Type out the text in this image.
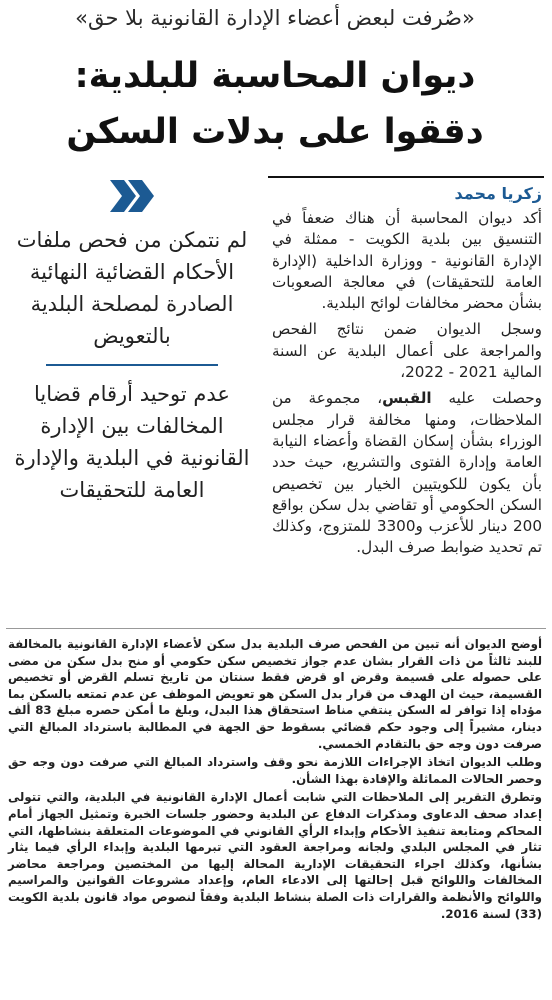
«صُرفت لبعض أعضاء الإدارة القانونية بلا حق»
ديوان المحاسبة للبلدية:
دققوا على بدلات السكن
زكريا محمد

أكد ديوان المحاسبة أن هناك ضعفاً في التنسيق بين بلدية الكويت - ممثلة في الإدارة القانونية - ووزارة الداخلية (الإدارة العامة للتحقيقات) في معالجة الصعوبات بشأن محضر مخالفات لوائح البلدية.

وسجل الديوان ضمن نتائج الفحص والمراجعة على أعمال البلدية عن السنة المالية 2021 - 2022،

وحصلت عليه القبس، مجموعة من الملاحظات، ومنها مخالفة قرار مجلس الوزراء بشأن إسكان القضاة وأعضاء النيابة العامة وإدارة الفتوى والتشريع، حيث حدد بأن يكون للكويتيين الخيار بين تخصيص السكن الحكومي أو تقاضي بدل سكن بواقع 200 دينار للأعزب و3300 للمتزوج، وكذلك تم تحديد ضوابط صرف البدل.

لم نتمكن من فحص ملفات الأحكام القضائية النهائية الصادرة لمصلحة البلدية بالتعويض

عدم توحيد أرقام قضايا المخالفات بين الإدارة القانونية في البلدية والإدارة العامة للتحقيقات

أوضح الديوان أنه تبين من الفحص صرف البلدية بدل سكن لأعضاء الإدارة القانونية بالمخالفة للبند ثالثاً من ذات القرار بشان عدم جواز تخصيص سكن حكومي أو منح بدل سكن من مضى على حصوله على قسيمة وقرض او قرض فقط سنتان من تاريخ تسلم القرض أو تخصيص القسيمة، حيث ان الهدف من قرار بدل السكن هو تعويض الموظف عن عدم تمتعه بالسكن بما مؤداه إذا توافر له السكن ينتفي مناط استحقاق هذا البدل، وبلغ ما أمكن حصره مبلغ 83 ألف دينار، مشيراً إلى وجود حكم قضائي بسقوط حق الجهة في المطالبة باسترداد المبالغ التي صرفت دون وجه حق بالتقادم الخمسي.

وطلب الديوان اتخاذ الإجراءات اللازمة نحو وقف واسترداد المبالغ التي صرفت دون وجه حق وحصر الحالات المماثلة والإفادة بهذا الشأن.

وتطرق التقرير إلى الملاحظات التي شابت أعمال الإدارة القانونية في البلدية، والتي تتولى إعداد صحف الدعاوى ومذكرات الدفاع عن البلدية وحضور جلسات الخبرة وتمثيل الجهاز أمام المحاكم ومتابعة تنفيذ الأحكام وإبداء الرأي القانوني في الموضوعات المتعلقة بنشاطها، التي تثار في المجلس البلدي ولجانه ومراجعة العقود التي تبرمها البلدية وإبداء الرأي فيما يثار بشأنها، وكذلك اجراء التحقيقات الإدارية المحالة إليها من المختصين ومراجعة محاضر المخالفات واللوائح قبل إحالتها إلى الادعاء العام، وإعداد مشروعات القوانين والمراسيم واللوائح والأنظمة والقرارات ذات الصلة بنشاط البلدية وفقاً لنصوص مواد قانون بلدية الكويت (33) لسنة 2016.
